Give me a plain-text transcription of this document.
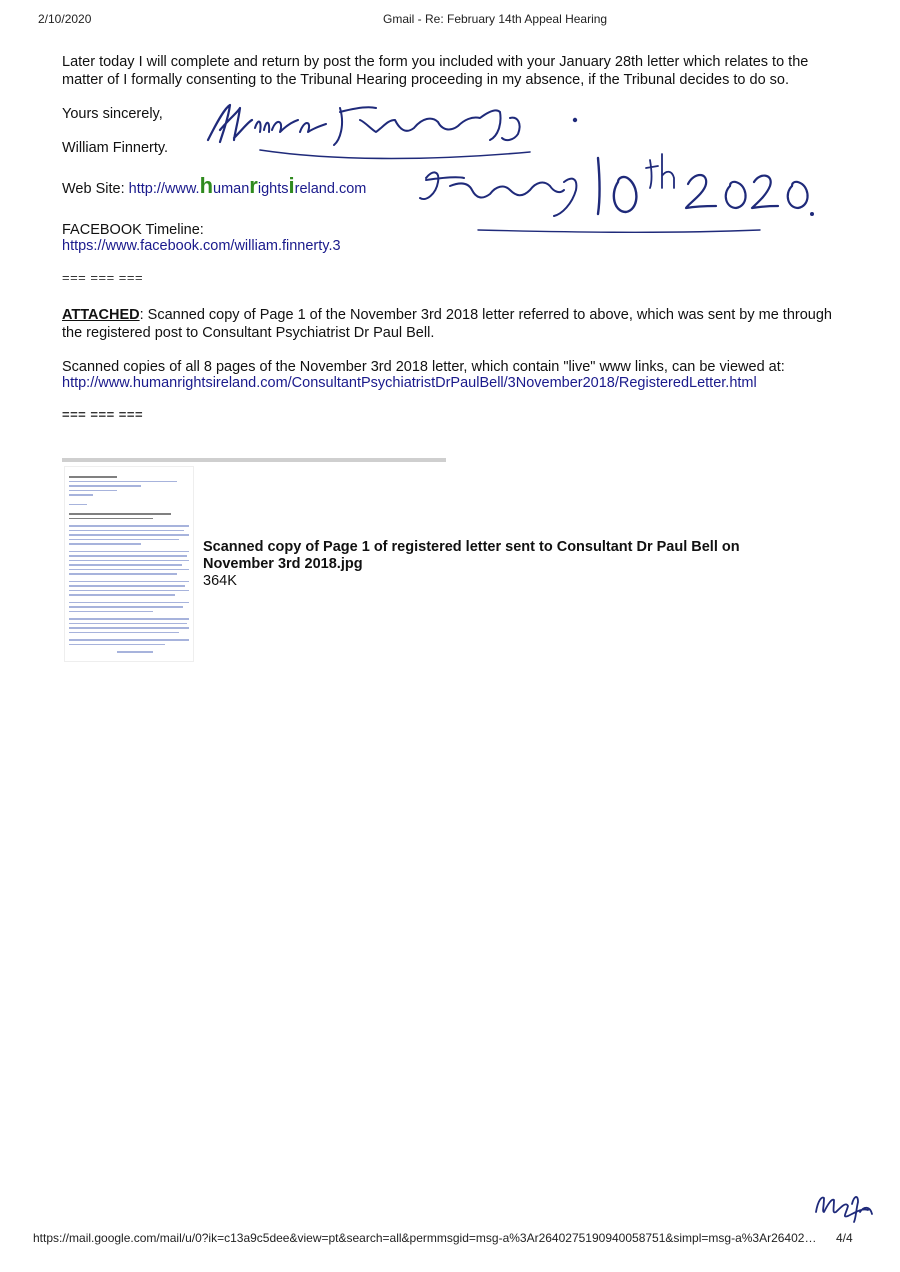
2/10/2020	Gmail - Re: February 14th Appeal Hearing
Later today I will complete and return by post the form you included with your January 28th letter which relates to the matter of I formally consenting to the Tribunal Hearing proceeding in my absence, if the Tribunal decides to do so.
Yours sincerely,
William Finnerty.
Web Site: http://www.humanrightsireland.com
FACEBOOK Timeline:
https://www.facebook.com/william.finnerty.3
=== === ===
ATTACHED: Scanned copy of Page 1 of the November 3rd 2018 letter referred to above, which was sent by me through the registered post to Consultant Psychiatrist Dr Paul Bell.
Scanned copies of all 8 pages of the November 3rd 2018 letter, which contain "live" www links, can be viewed at:
http://www.humanrightsireland.com/ConsultantPsychiatristDrPaulBell/3November2018/RegisteredLetter.html
=== === ===
Scanned copy of Page 1 of registered letter sent to Consultant Dr Paul Bell on November 3rd 2018.jpg
364K
https://mail.google.com/mail/u/0?ik=c13a9c5dee&view=pt&search=all&permmsgid=msg-a%3Ar2640275190940058751&simpl=msg-a%3Ar26402… 4/4
